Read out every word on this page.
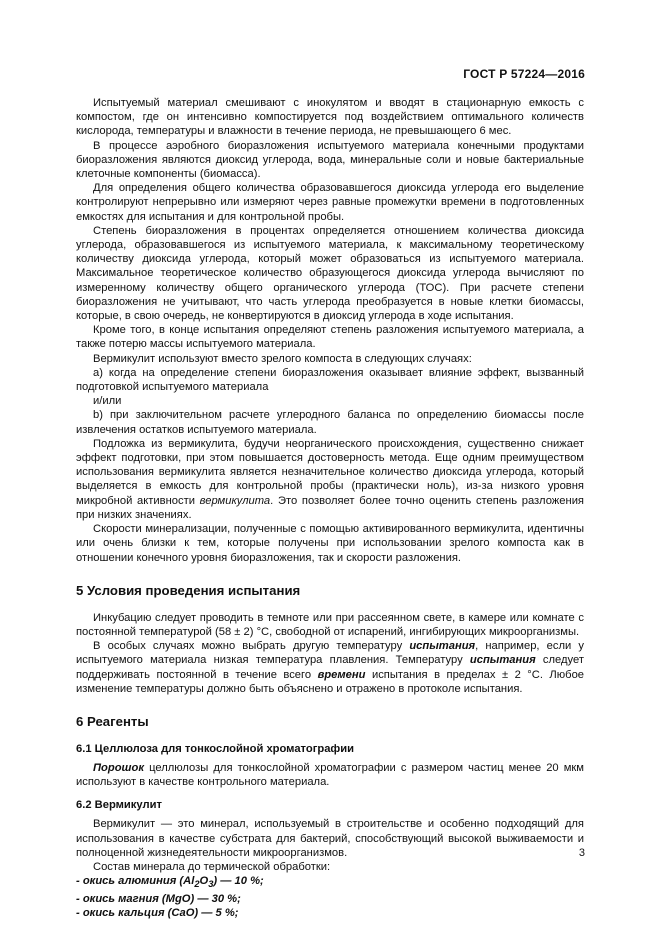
ГОСТ Р 57224—2016

Испытуемый материал смешивают с инокулятом и вводят в стационарную емкость с компостом, где он интенсивно компостируется под воздействием оптимального количеств кислорода, температуры и влажности в течение периода, не превышающего 6 мес.

В процессе аэробного биоразложения испытуемого материала конечными продуктами биоразложения являются диоксид углерода, вода, минеральные соли и новые бактериальные клеточные компоненты (биомасса).

Для определения общего количества образовавшегося диоксида углерода его выделение контролируют непрерывно или измеряют через равные промежутки времени в подготовленных емкостях для испытания и для контрольной пробы.

Степень биоразложения в процентах определяется отношением количества диоксида углерода, образовавшегося из испытуемого материала, к максимальному теоретическому количеству диоксида углерода, который может образоваться из испытуемого материала. Максимальное теоретическое количество образующегося диоксида углерода вычисляют по измеренному количеству общего органического углерода (ТОС). При расчете степени биоразложения не учитывают, что часть углерода преобразуется в новые клетки биомассы, которые, в свою очередь, не конвертируются в диоксид углерода в ходе испытания.

Кроме того, в конце испытания определяют степень разложения испытуемого материала, а также потерю массы испытуемого материала.

Вермикулит используют вместо зрелого компоста в следующих случаях:

а) когда на определение степени биоразложения оказывает влияние эффект, вызванный подготовкой испытуемого материала

и/или

b) при заключительном расчете углеродного баланса по определению биомассы после извлечения остатков испытуемого материала.

Подложка из вермикулита, будучи неорганического происхождения, существенно снижает эффект подготовки, при этом повышается достоверность метода. Еще одним преимуществом использования вермикулита является незначительное количество диоксида углерода, который выделяется в емкость для контрольной пробы (практически ноль), из-за низкого уровня микробной активности вермикулита. Это позволяет более точно оценить степень разложения при низких значениях.

Скорости минерализации, полученные с помощью активированного вермикулита, идентичны или очень близки к тем, которые получены при использовании зрелого компоста как в отношении конечного уровня биоразложения, так и скорости разложения.

5 Условия проведения испытания

Инкубацию следует проводить в темноте или при рассеянном свете, в камере или комнате с постоянной температурой (58 ± 2) °С, свободной от испарений, ингибирующих микроорганизмы.

В особых случаях можно выбрать другую температуру испытания, например, если у испытуемого материала низкая температура плавления. Температуру испытания следует поддерживать постоянной в течение всего времени испытания в пределах ± 2 °С. Любое изменение температуры должно быть объяснено и отражено в протоколе испытания.

6 Реагенты
6.1 Целлюлоза для тонкослойной хроматографии

Порошок целлюлозы для тонкослойной хроматографии с размером частиц менее 20 мкм используют в качестве контрольного материала.

6.2 Вермикулит

Вермикулит — это минерал, используемый в строительстве и особенно подходящий для использования в качестве субстрата для бактерий, способствующий высокой выживаемости и полноценной жизнедеятельности микроорганизмов.

Состав минерала до термической обработки:

- окись алюминия $(Al_2O_3)$ — 10 %;

- окись магния (MgO) — 30 %;

- окись кальция (CaO) — 5 %;

3
